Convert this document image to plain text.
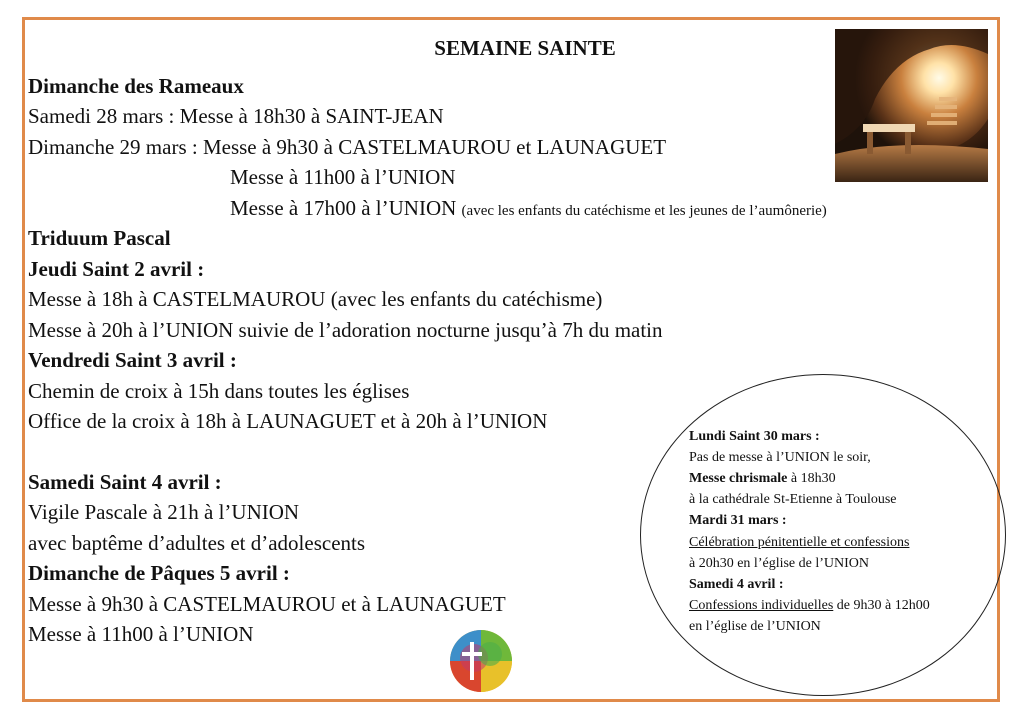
SEMAINE SAINTE
Dimanche des Rameaux
Samedi 28 mars : Messe à 18h30 à SAINT-JEAN
Dimanche 29 mars : Messe à 9h30 à CASTELMAUROU et LAUNAGUET
Messe à 11h00 à l’UNION
Messe à 17h00 à l’UNION (avec les enfants du catéchisme et les jeunes de l’aumônerie)
Triduum Pascal
Jeudi Saint 2 avril :
Messe à 18h à CASTELMAUROU (avec les enfants du catéchisme)
Messe à 20h à l’UNION suivie de l’adoration nocturne jusqu’à 7h du matin
Vendredi Saint 3 avril :
Chemin de croix à 15h dans toutes les églises
Office de la croix à 18h à LAUNAGUET et à 20h à l’UNION
Samedi Saint 4 avril :
Vigile Pascale à 21h à l’UNION
avec baptême d’adultes et d’adolescents
Dimanche de Pâques 5 avril :
Messe à 9h30 à CASTELMAUROU et à LAUNAGUET
Messe à 11h00 à l’UNION
Lundi Saint 30 mars :
Pas de messe à l’UNION le soir,
Messe chrismale à 18h30
à la cathédrale St-Etienne à Toulouse
Mardi 31 mars :
Célébration pénitentielle et confessions
à 20h30 en l’église de l’UNION
Samedi 4 avril :
Confessions individuelles de 9h30 à 12h00
en l’église de l’UNION
